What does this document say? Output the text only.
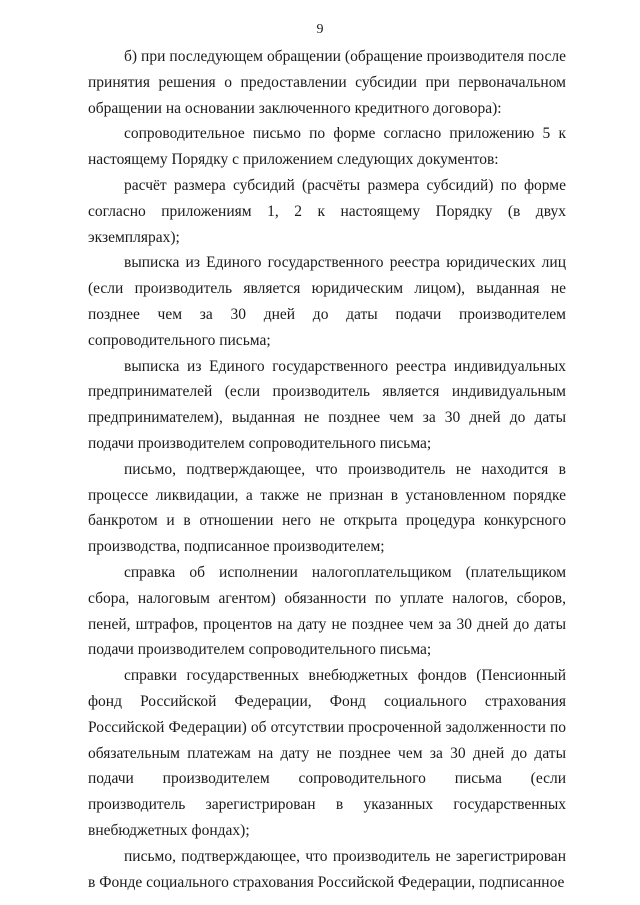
9

б) при последующем обращении (обращение производителя после принятия решения о предоставлении субсидии при первоначальном обращении на основании заключенного кредитного договора):

сопроводительное письмо по форме согласно приложению 5 к настоящему Порядку с приложением следующих документов:

расчёт размера субсидий (расчёты размера субсидий) по форме согласно приложениям 1, 2 к настоящему Порядку (в двух экземплярах);

выписка из Единого государственного реестра юридических лиц (если производитель является юридическим лицом), выданная не позднее чем за 30 дней до даты подачи производителем сопроводительного письма;

выписка из Единого государственного реестра индивидуальных предпринимателей (если производитель является индивидуальным предпринимателем), выданная не позднее чем за 30 дней до даты подачи производителем сопроводительного письма;

письмо, подтверждающее, что производитель не находится в процессе ликвидации, а также не признан в установленном порядке банкротом и в отношении него не открыта процедура конкурсного производства, подписанное производителем;

справка об исполнении налогоплательщиком (плательщиком сбора, налоговым агентом) обязанности по уплате налогов, сборов, пеней, штрафов, процентов на дату не позднее чем за 30 дней до даты подачи производителем сопроводительного письма;

справки государственных внебюджетных фондов (Пенсионный фонд Российской Федерации, Фонд социального страхования Российской Федерации) об отсутствии просроченной задолженности по обязательным платежам на дату не позднее чем за 30 дней до даты подачи производителем сопроводительного письма (если производитель зарегистрирован в указанных государственных внебюджетных фондах);

письмо, подтверждающее, что производитель не зарегистрирован в Фонде социального страхования Российской Федерации, подписанное
